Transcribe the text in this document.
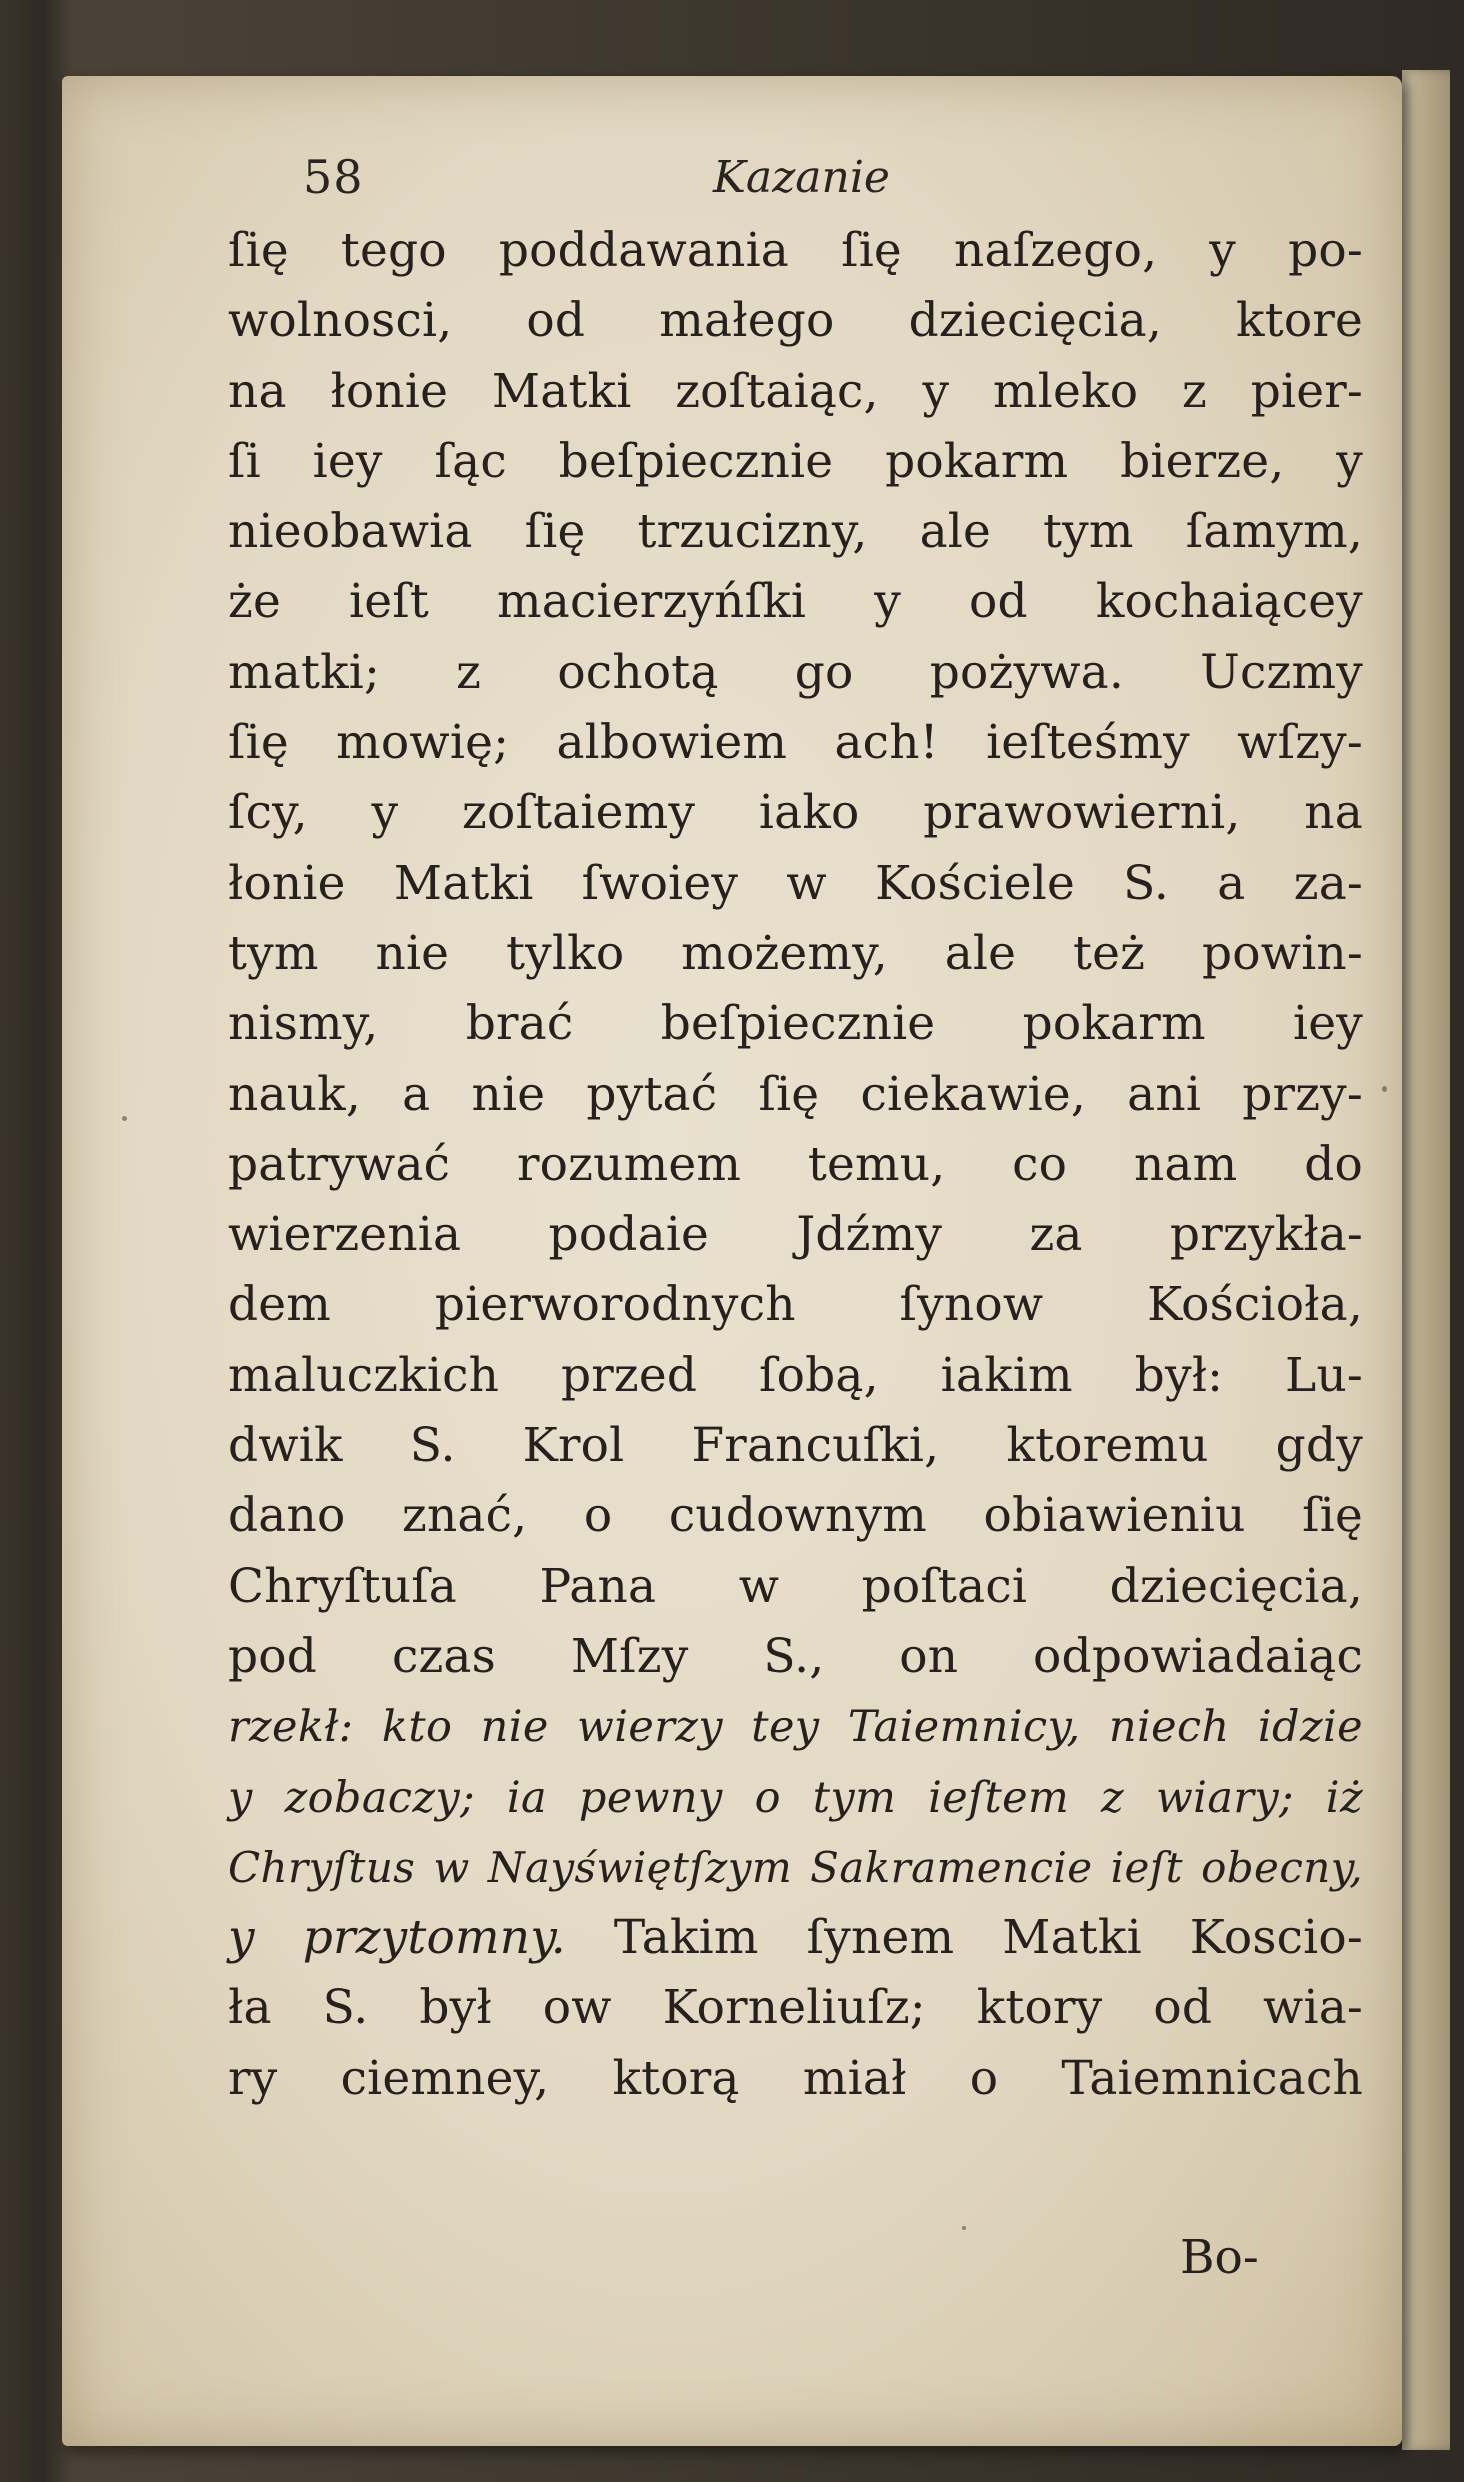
58	Kazanie
ſię tego poddawania ſię naſzego, y po-
wolnosci, od małego dziecięcia, ktore
na łonie Matki zoſtaiąc, y mleko z pier-
ſi iey ſąc beſpiecznie pokarm bierze, y
nieobawia ſię trzucizny, ale tym ſamym,
że ieſt macierzyńſki y od kochaiącey
matki; z ochotą go pożywa. Uczmy
ſię mowię; albowiem ach! ieſteśmy wſzy-
ſcy, y zoſtaiemy iako prawowierni, na
łonie Matki ſwoiey w Kościele S. a za-
tym nie tylko możemy, ale też powin-
nismy, brać beſpiecznie pokarm iey
nauk, a nie pytać ſię ciekawie, ani przy-
patrywać rozumem temu, co nam do
wierzenia podaie Jdźmy za przykła-
dem pierworodnych ſynow Kościoła,
maluczkich przed ſobą, iakim był: Lu-
dwik S. Krol Francuſki, ktoremu gdy
dano znać, o cudownym obiawieniu ſię
Chryſtuſa Pana w poſtaci dziecięcia,
pod czas Mſzy S., on odpowiadaiąc
rzekł: kto nie wierzy tey Taiemnicy, niech idzie
y zobaczy; ia pewny o tym ieſtem z wiary; iż
Chryſtus w Nayświętſzym Sakramencie ieſt obecny,
y przytomny. Takim ſynem Matki Koscio-
ła S. był ow Korneliuſz; ktory od wia-
ry ciemney, ktorą miał o Taiemnicach
Bo-
